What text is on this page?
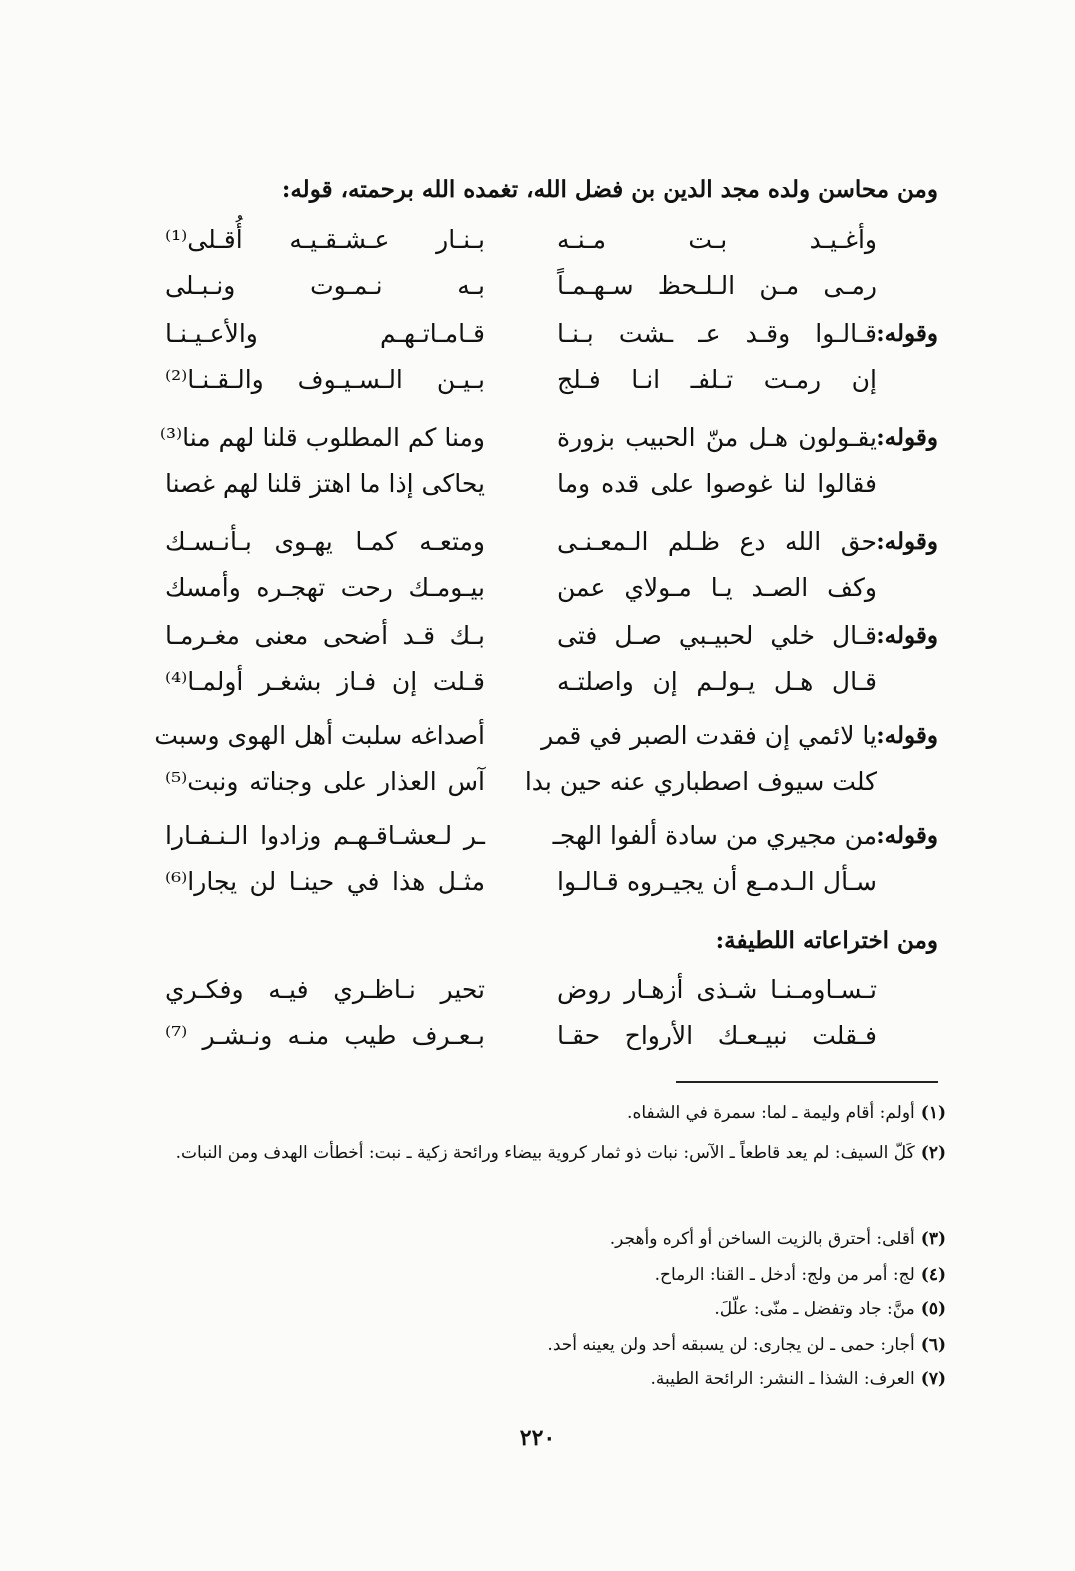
ومن محاسن ولده مجد الدين بن فضل الله، تغمده الله برحمته، قوله:
وأغـيـد بـت مـنـه
بـنـار عـشـقـيـه أُقـلى⁽¹⁾
رمـى مـن الـلـحظ سـهـمـاً
بـه نـمـوت ونـبـلى
وقوله:
قـالـوا وقـد عـ ـشت بـنـا
قـامـاتـهـم والأعـيـنـا
إن رمـت تـلفـ انـا فـلج
بـيـن الـسـيـوف والـقـنـا⁽²⁾
وقوله:
يقـولون هـل منّ الحبيب بزورة
ومنا كم المطلوب قلنا لهم منا⁽³⁾
فقالوا لنا غوصوا على قده وما
يحاكى إذا ما اهتز قلنا لهم غصنا
وقوله:
حق الله دع ظـلم الـمعـنـى
ومتعـه كمـا يهـوى بـأنـسـك
وكف الصـد يـا مـولاي عمن
بيـومـك رحت تهجـره وأمسك
وقوله:
قـال خلي لحبيـبي صـل فتى
بـك قـد أضحى معنى مغـرمـا
قـال هـل يـولـم إن واصلتـه
قـلت إن فـاز بشغـر أولمـا⁽⁴⁾
وقوله:
يا لائمي إن فقدت الصبر في قمر
أصداغه سلبت أهل الهوى وسبت
كلت سيوف اصطباري عنه حين بدا
آس العذار على وجناته ونبت⁽⁵⁾
وقوله:
من مجيري من سادة ألفوا الهجـ
ـر لـعشـاقـهـم وزادوا الـنـفـارا
سـأل الـدمـع أن يجيـروه قـالـوا
مثـل هذا في حينـا لن يجارا⁽⁶⁾
ومن اختراعاته اللطيفة:
تـسـاومـنـا شـذى أزهـار روض
تحير نـاظـري فيـه وفكـري
فـقلت نبيـعـك الأرواح حقـا
بـعـرف طيب منـه ونـشـر ⁽⁷⁾
(١)أولم: أقام وليمة ـ لما: سمرة في الشفاه.
(٢)كَلّ السيف: لم يعد قاطعاً ـ الآس: نبات ذو ثمار كروية بيضاء ورائحة زكية ـ نبت: أخطأت الهدف ومن النبات.
(٣)أقلى: أحترق بالزيت الساخن أو أكره وأهجر.
(٤)لج: أمر من ولج: أدخل ـ القنا: الرماح.
(٥)منَّ: جاد وتفضل ـ منّى: علّلَ.
(٦)أجار: حمى ـ لن يجارى: لن يسبقه أحد ولن يعينه أحد.
(٧)العرف: الشذا ـ النشر: الرائحة الطيبة.
٢٢٠
